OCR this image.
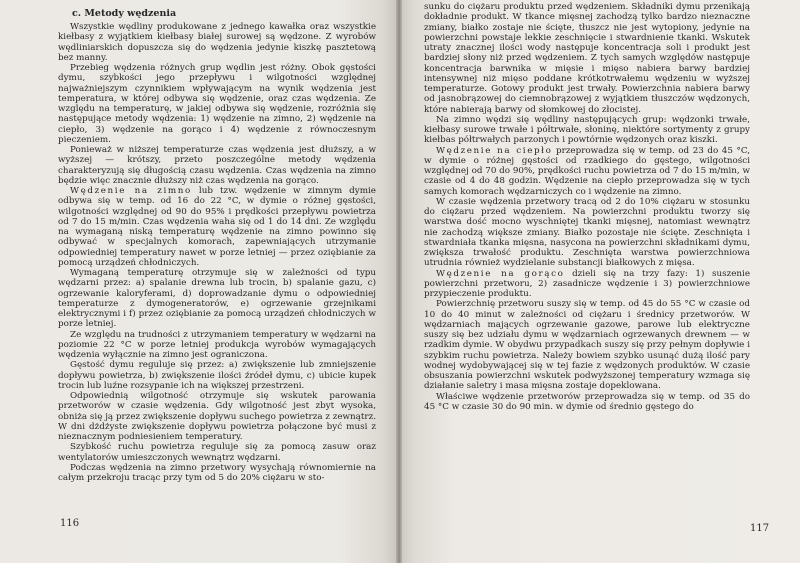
c. Metody wędzenia

Wszystkie wędliny produkowane z jednego kawałka oraz wszystkie kiełbasy z wyjątkiem kiełbasy białej surowej są wędzone. Z wyrobów wędliniarskich dopuszcza się do wędzenia jedynie kiszkę pasztetową bez manny.

Przebieg wędzenia różnych grup wędlin jest różny. Obok gęstości dymu, szybkości jego przepływu i wilgotności względnej najważniejszym czynnikiem wpływającym na wynik wędzenia jest temperatura, w której odbywa się wędzenie, oraz czas wędzenia. Ze względu na temperaturę, w jakiej odbywa się wędzenie, rozróżnia się następujące metody wędzenia: 1) wędzenie na zimno, 2) wędzenie na ciepło, 3) wędzenie na gorąco i 4) wędzenie z równoczesnym pieczeniem.

Ponieważ w niższej temperaturze czas wędzenia jest dłuższy, a w wyższej — krótszy, przeto poszczególne metody wędzenia charakteryzują się długością czasu wędzenia. Czas wędzenia na zimno będzie więc znacznie dłuższy niż czas wędzenia na gorąco.

Wędzenie na zimno lub tzw. wędzenie w zimnym dymie odbywa się w temp. od 16 do 22 °C, w dymie o różnej gęstości, wilgotności względnej od 90 do 95% i prędkości przepływu powietrza od 7 do 15 m/min. Czas wędzenia waha się od 1 do 14 dni. Ze względu na wymaganą niską temperaturę wędzenie na zimno powinno się odbywać w specjalnych komorach, zapewniających utrzymanie odpowiedniej temperatury nawet w porze letniej — przez oziębianie za pomocą urządzeń chłodniczych.

Wymaganą temperaturę otrzymuje się w zależności od typu wędzarni przez: a) spalanie drewna lub trocin, b) spalanie gazu, c) ogrzewanie kaloryferami, d) doprowadzanie dymu o odpowiedniej temperaturze z dymogeneratorów, e) ogrzewanie grzejnikami elektrycznymi i f) przez oziębianie za pomocą urządzeń chłodniczych w porze letniej.

Ze względu na trudności z utrzymaniem temperatury w wędzarni na poziomie 22 °C w porze letniej produkcja wyrobów wymagających wędzenia wyłącznie na zimno jest ograniczona.

Gęstość dymu reguluje się przez: a) zwiększenie lub zmniejszenie dopływu powietrza, b) zwiększenie ilości źródeł dymu, c) ubicie kupek trocin lub luźne rozsypanie ich na większej przestrzeni.

Odpowiednią wilgotność otrzymuje się wskutek parowania przetworów w czasie wędzenia. Gdy wilgotność jest zbyt wysoka, obniża się ją przez zwiększenie dopływu suchego powietrza z zewnątrz. W dni dżdżyste zwiększenie dopływu powietrza połączone być musi z nieznacznym podniesieniem temperatury.

Szybkość ruchu powietrza reguluje się za pomocą zasuw oraz wentylatorów umieszczonych wewnątrz wędzarni.

Podczas wędzenia na zimno przetwory wysychają równomiernie na całym przekroju tracąc przy tym od 5 do 20% ciężaru w sto-

116

sunku do ciężaru produktu przed wędzeniem. Składniki dymu przenikają dokładnie produkt. W tkance mięsnej zachodzą tylko bardzo nieznaczne zmiany, białko zostaje nie ścięte, tłuszcz nie jest wytopiony, jedynie na powierzchni powstaje lekkie zeschnięcie i stwardnienie tkanki. Wskutek utraty znacznej ilości wody następuje koncentracja soli i produkt jest bardziej słony niż przed wędzeniem. Z tych samych względów następuje koncentracja barwnika w mięsie i mięso nabiera barwy bardziej intensywnej niż mięso poddane krótkotrwałemu wędzeniu w wyższej temperaturze. Gotowy produkt jest trwały. Powierzchnia nabiera barwy od jasnobrązowej do ciemnobrązowej z wyjątkiem tłuszczów wędzonych, które nabierają barwy od słomkowej do złocistej.

Na zimno wędzi się wędliny następujących grup: wędzonki trwałe, kiełbasy surowe trwałe i półtrwałe, słoninę, niektóre sortymenty z grupy kiełbas półtrwałych parzonych i powtórnie wędzonych oraz kiszki.

Wędzenie na ciepło przeprowadza się w temp. od 23 do 45 °C, w dymie o różnej gęstości od rzadkiego do gęstego, wilgotności względnej od 70 do 90%, prędkości ruchu powietrza od 7 do 15 m/min, w czasie od 4 do 48 godzin. Wędzenie na ciepło przeprowadza się w tych samych komorach wędzarniczych co i wędzenie na zimno.

W czasie wędzenia przetwory tracą od 2 do 10% ciężaru w stosunku do ciężaru przed wędzeniem. Na powierzchni produktu tworzy się warstwa dość mocno wyschniętej tkanki mięsnej, natomiast wewnątrz nie zachodzą większe zmiany. Białko pozostaje nie ścięte. Zeschnięta i stwardniała tkanka mięsna, nasycona na powierzchni składnikami dymu, zwiększa trwałość produktu. Zeschnięta warstwa powierzchniowa utrudnia również wydzielanie substancji białkowych z mięsa.

Wędzenie na gorąco dzieli się na trzy fazy: 1) suszenie powierzchni przetworu, 2) zasadnicze wędzenie i 3) powierzchniowe przypieczenie produktu.

Powierzchnię przetworu suszy się w temp. od 45 do 55 °C w czasie od 10 do 40 minut w zależności od ciężaru i średnicy przetworów. W wędzarniach mających ogrzewanie gazowe, parowe lub elektryczne suszy się bez udziału dymu w wędzarniach ogrzewanych drewnem — w rzadkim dymie. W obydwu przypadkach suszy się przy pełnym dopływie i szybkim ruchu powietrza. Należy bowiem szybko usunąć dużą ilość pary wodnej wydobywającej się w tej fazie z wędzonych produktów. W czasie obsuszania powierzchni wskutek podwyższonej temperatury wzmaga się działanie saletry i masa mięsna zostaje dopeklowana.

Właściwe wędzenie przetworów przeprowadza się w temp. od 35 do 45 °C w czasie 30 do 90 min. w dymie od średnio gęstego do

117
